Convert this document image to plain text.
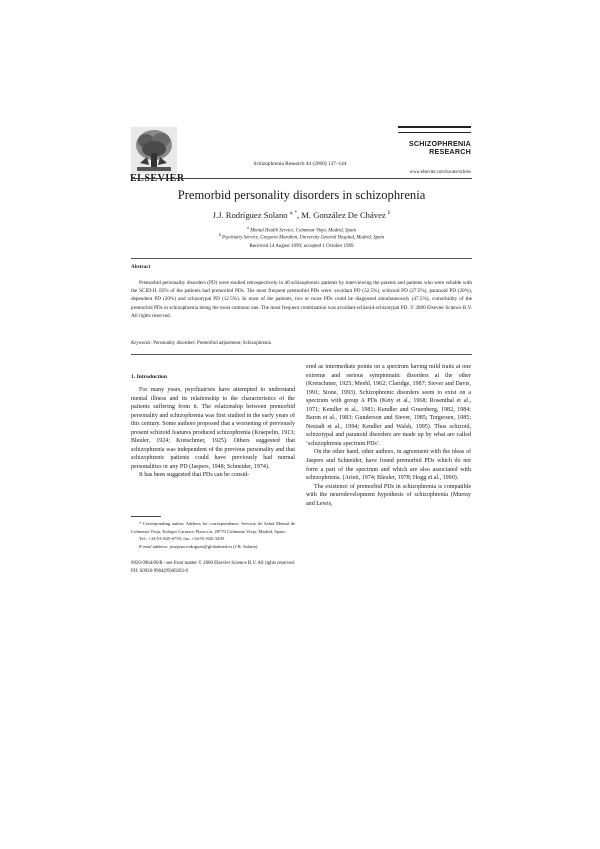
Schizophrenia Research 44 (2000) 137–144
SCHIZOPHRENIA
RESEARCH
www.elsevier.com/locate/schres
Premorbid personality disorders in schizophrenia
J.J. Rodríguez Solano $^{a, *}$, M. González De Chávez $^b$
$^a$ Mental Health Service, Colmenar Viejo, Madrid, Spain
$^b$ Psychiatry Service, Gregorio Marañón, University General Hospital, Madrid, Spain
Received 14 August 1999; accepted 1 October 1999
Abstract
Premorbid personality disorders (PD) were studied retrospectively in 40 schizophrenic patients by interviewing the parents and patients who were reliable with the SCID-II. 85% of the patients had premorbid PDs. The most frequent premorbid PDs were: avoidant PD (32.5%), schizoid PD (27.5%), paranoid PD (20%), dependent PD (20%) and schizotypal PD (12.5%). In most of the patients, two or more PDs could be diagnosed simultaneously (47.5%), comorbidity of the premorbid PDs in schizophrenia being the most common one. The most frequent combination was avoidant-schizoid-schizotypal PD. © 2000 Elsevier Science B.V. All rights reserved.
Keywords: Personality disorders; Premorbid adjustment; Schizophrenia
1. Introduction

For many years, psychiatrists have attempted to understand mental illness and its relationship to the characteristics of the patients suffering from it. The relationship between premorbid personality and schizophrenia was first studied in the early years of this century. Some authors proposed that a worsening of previously present schizoid features produced schizophrenia (Kraepelin, 1913; Bleuler, 1924; Kretschmer, 1925). Others suggested that schizophrenia was independent of the previous personality and that schizophrenic patients could have previously had normal personalities or any PD (Jaspers, 1948; Schneider, 1974).

It has been suggested that PDs can be consid-

ered as intermediate points on a spectrum having mild traits at one extreme and serious symptomatic disorders at the other (Kretschmer, 1925; Meehl, 1962; Claridge, 1987; Siever and Davis, 1991; Stone, 1993). Schizophrenic disorders seem to exist on a spectrum with group A PDs (Kety et al., 1968; Rosenthal et al., 1971; Kendler et al., 1981; Kendler and Gruenberg, 1982, 1984; Baron et al., 1983; Gunderson and Siever, 1985; Torgersen, 1985; Nestadt et al., 1994; Kendler and Walsh, 1995). Thus schizoid, schizotypal and paranoid disorders are made up by what are called ‘schizophrenia spectrum PDs’.

On the other hand, other authors, in agreement with the ideas of Jaspers and Schneider, have found premorbid PDs which do not form a part of the spectrum and which are also associated with schizophrenia. (Arieti, 1974; Bleuler, 1978; Hogg et al., 1990).

The existence of premorbid PDs in schizophrenia is compatible with the neurodevelopment hypothesis of schizophrenia (Murray and Lewis,

* Corresponding author. Address for correspondence: Servicio de Salud Mental de Colmenar Viejo, Eulogio Carrasco Plaza s/n, 28770 Colmenar Viejo, Madrid, Spain.
Tel.: +34-91-845-6759; fax: +34-91-845-3439.
E-mail address: josejuan.rodriguez@globalmed.es (J.R. Solano)
0920-9964/00/$ - see front matter © 2000 Elsevier Science B.V. All rights reserved.
PII: S0920-9964(99)00203-0
